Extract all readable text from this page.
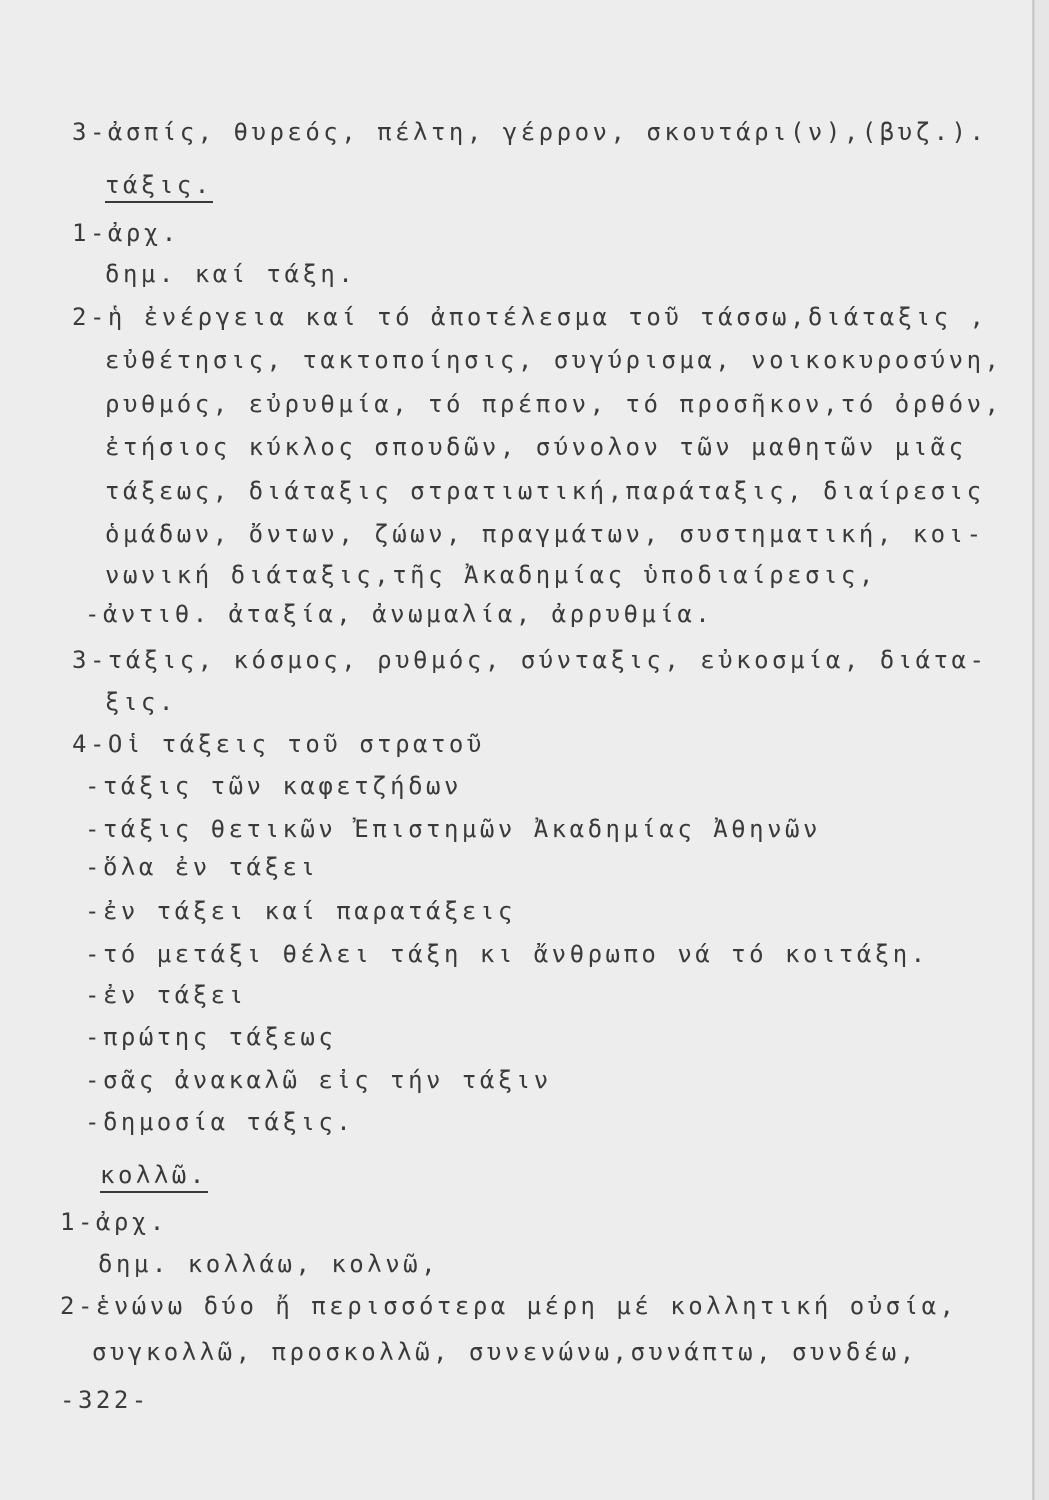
3-ἀσπίς, θυρεός, πέλτη, γέρρον, σκουτάρι(ν),(βυζ.).
τάξις.
1-ἀρχ.
δημ. καί τάξη.
2-ἡ ἐνέργεια καί τό ἀποτέλεσμα τοῦ τάσσω,διάταξις ,
εὐθέτησις, τακτοποίησις, συγύρισμα, νοικοκυροσύνη,
ρυθμός, εὐρυθμία, τό πρέπον, τό προσῆκον,τό ὀρθόν,
ἐτήσιος κύκλος σπουδῶν, σύνολον τῶν μαθητῶν μιᾶς
τάξεως, διάταξις στρατιωτική,παράταξις, διαίρεσις
ὁμάδων, ὄντων, ζώων, πραγμάτων, συστηματική, κοι-
νωνική διάταξις,τῆς Ἀκαδημίας ὑποδιαίρεσις,
-ἀντιθ. ἀταξία, ἀνωμαλία, ἀρρυθμία.
3-τάξις, κόσμος, ρυθμός, σύνταξις, εὐκοσμία, διάτα-
ξις.
4-Οἱ τάξεις τοῦ στρατοῦ
-τάξις τῶν καφετζήδων
-τάξις θετικῶν Ἐπιστημῶν Ἀκαδημίας Ἀθηνῶν
-ὅλα ἐν τάξει
-ἐν τάξει καί παρατάξεις
-τό μετάξι θέλει τάξη κι ἄνθρωπο νά τό κοιτάξη.
-ἐν τάξει
-πρώτης τάξεως
-σᾶς ἀνακαλῶ εἰς τήν τάξιν
-δημοσία τάξις.
κολλῶ.
1-ἀρχ.
δημ. κολλάω, κολνῶ,
2-ἑνώνω δύο ἤ περισσότερα μέρη μέ κολλητική οὐσία,
συγκολλῶ, προσκολλῶ, συνενώνω,συνάπτω, συνδέω,
-322-
